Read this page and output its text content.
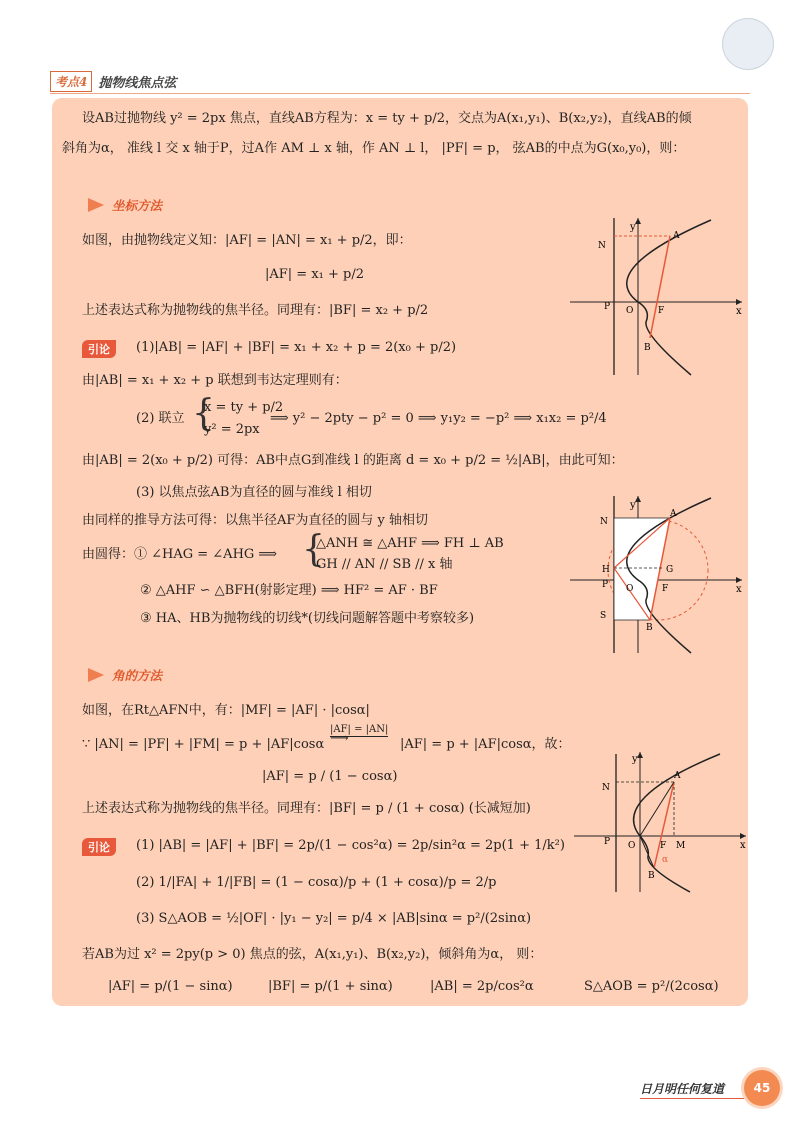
考点4 抛物线焦点弦
设AB过抛物线 y² = 2px 焦点，直线AB方程为：x = ty + p/2，交点为A(x₁,y₁)、B(x₂,y₂)，直线AB的倾
斜角为α， 准线 l 交 x 轴于P，过A作 AM ⊥ x 轴，作 AN ⊥ l， |PF| = p， 弦AB的中点为G(x₀,y₀)，则：
坐标方法
如图，由抛物线定义知：|AF| = |AN| = x₁ + p/2，即：
|AF| = x₁ + p/2
上述表达式称为抛物线的焦半径。同理有：|BF| = x₂ + p/2
引论	(1)|AB| = |AF| + |BF| = x₁ + x₂ + p = 2(x₀ + p/2)
由|AB| = x₁ + x₂ + p 联想到韦达定理则有：
(2) 联立 {
x = ty + p/2
y² = 2px
⟹ y² − 2pty − p² = 0 ⟹ y₁y₂ = −p² ⟹ x₁x₂ = p²/4
由|AB| = 2(x₀ + p/2) 可得：AB中点G到准线 l 的距离 d = x₀ + p/2 = ½|AB|，由此可知：
(3) 以焦点弦AB为直径的圆与准线 l 相切
由同样的推导方法可得：以焦半径AF为直径的圆与 y 轴相切
由圆得：① ∠HAG = ∠AHG ⟹ {
△ANH ≅ △AHF ⟹ FH ⊥ AB
GH // AN // SB // x 轴
② △AHF ∽ △BFH(射影定理) ⟹ HF² = AF · BF
③ HA、HB为抛物线的切线*(切线问题解答题中考察较多)
角的方法
如图，在Rt△AFN中，有：|MF| = |AF| · |cosα|
∵ |AN| = |PF| + |FM| = p + |AF|cosα
|AF| = |AN|
⟶	|AF| = p + |AF|cosα，故：
|AF| = p / (1 − cosα)
上述表达式称为抛物线的焦半径。同理有：|BF| = p / (1 + cosα) (长减短加)
引论	(1) |AB| = |AF| + |BF| = 2p/(1 − cos²α) = 2p/sin²α = 2p(1 + 1/k²)
(2) 1/|FA| + 1/|FB| = (1 − cosα)/p + (1 + cosα)/p = 2/p
(3) S△AOB = ½|OF| · |y₁ − y₂| = p/4 × |AB|sinα = p²/(2sinα)
若AB为过 x² = 2py(p > 0) 焦点的弦，A(x₁,y₁)、B(x₂,y₂)，倾斜角为α， 则：
|AF| = p/(1 − sinα)	|BF| = p/(1 + sinα)	|AB| = 2p/cos²α	S△AOB = p²/(2cosα)
y
x
O
P	F
A
B
N
y
x
O
P	F
A
B
N
H	G
S
y
x
O
P	F M
A
B
N
α
日月明任何复道	45
